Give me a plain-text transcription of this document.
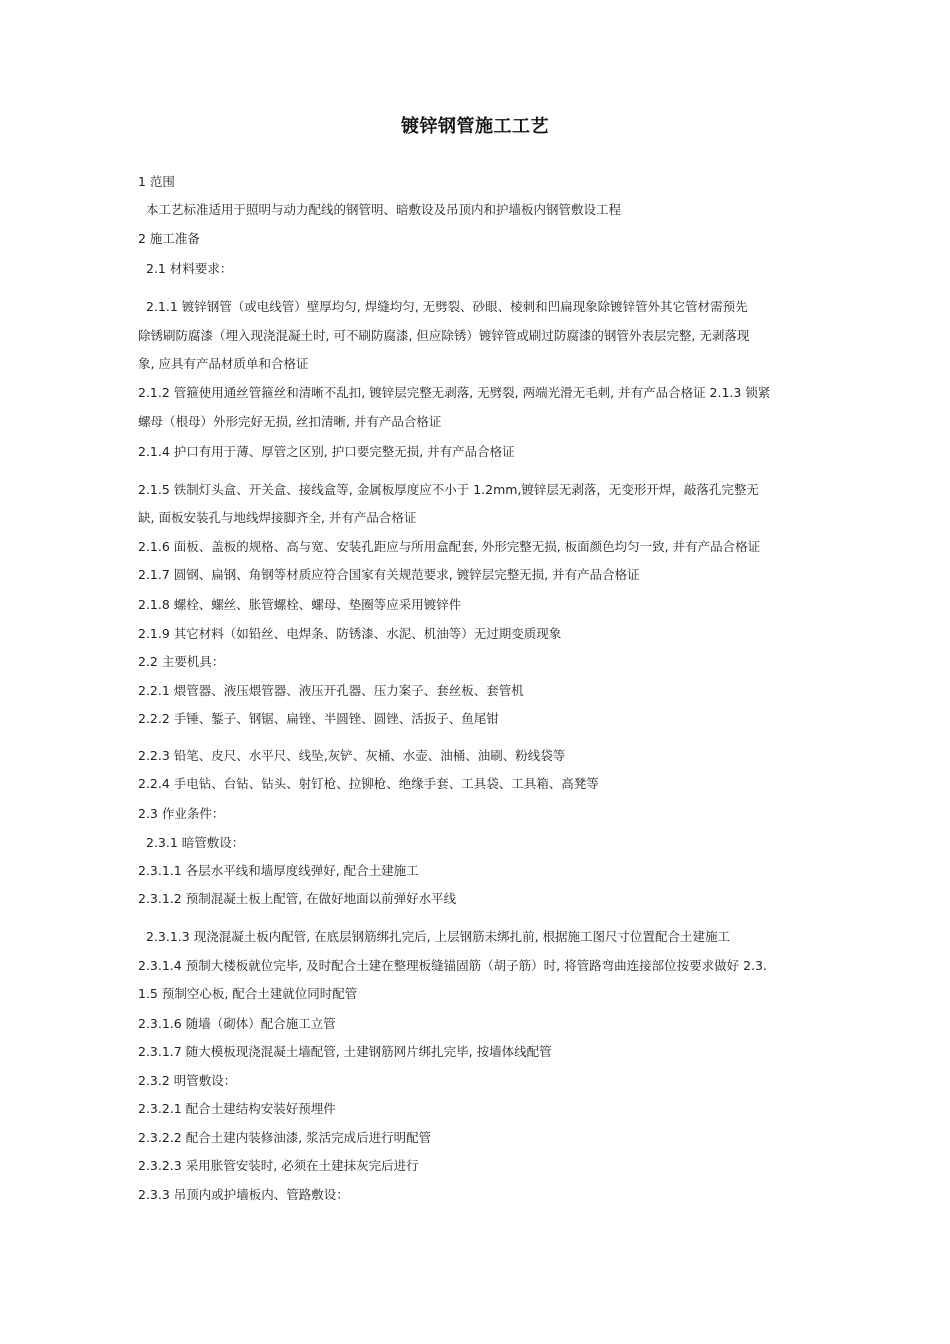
镀锌钢管施工工艺
1 范围
本工艺标准适用于照明与动力配线的钢管明、暗敷设及吊顶内和护墙板内钢管敷设工程
2 施工准备
2.1 材料要求：
2.1.1 镀锌钢管（或电线管）壁厚均匀, 焊缝均匀, 无劈裂、砂眼、棱刺和凹扁现象除镀锌管外其它管材需预先
除锈刷防腐漆（埋入现浇混凝土时, 可不刷防腐漆, 但应除锈）镀锌管或刷过防腐漆的钢管外表层完整, 无剥落现
象, 应具有产品材质单和合格证
2.1.2 管箍使用通丝管箍丝和清晰不乱扣, 镀锌层完整无剥落, 无劈裂, 两端光滑无毛刺, 并有产品合格证 2.1.3 锁紧
螺母（根母）外形完好无损, 丝扣清晰, 并有产品合格证
2.1.4 护口有用于薄、厚管之区别, 护口要完整无损, 并有产品合格证
2.1.5 铁制灯头盒、开关盒、接线盒等, 金属板厚度应不小于 1.2mm,镀锌层无剥落，无变形开焊，敲落孔完整无
缺, 面板安装孔与地线焊接脚齐全, 并有产品合格证
2.1.6 面板、盖板的规格、高与宽、安装孔距应与所用盒配套, 外形完整无损, 板面颜色均匀一致, 并有产品合格证
2.1.7 圆钢、扁钢、角钢等材质应符合国家有关规范要求, 镀锌层完整无损, 并有产品合格证
2.1.8 螺栓、螺丝、胀管螺栓、螺母、垫圈等应采用镀锌件
2.1.9 其它材料（如铅丝、电焊条、防锈漆、水泥、机油等）无过期变质现象
2.2 主要机具：
2.2.1 煨管器、液压煨管器、液压开孔器、压力案子、套丝板、套管机
2.2.2 手锤、錾子、钢锯、扁锉、半圆锉、圆锉、活扳子、鱼尾钳
2.2.3 铅笔、皮尺、水平尺、线坠,灰铲、灰桶、水壶、油桶、油刷、粉线袋等
2.2.4 手电钻、台钻、钻头、射钉枪、拉铆枪、绝缘手套、工具袋、工具箱、高凳等
2.3 作业条件：
2.3.1 暗管敷设：
2.3.1.1 各层水平线和墙厚度线弹好, 配合土建施工
2.3.1.2 预制混凝土板上配管, 在做好地面以前弹好水平线
2.3.1.3 现浇混凝土板内配管, 在底层钢筋绑扎完后, 上层钢筋未绑扎前, 根据施工图尺寸位置配合土建施工
2.3.1.4 预制大楼板就位完毕, 及时配合土建在整理板缝锚固筋（胡子筋）时, 将管路弯曲连接部位按要求做好 2.3.
1.5 预制空心板, 配合土建就位同时配管
2.3.1.6 随墙（砌体）配合施工立管
2.3.1.7 随大模板现浇混凝土墙配管, 土建钢筋网片绑扎完毕, 按墙体线配管
2.3.2 明管敷设：
2.3.2.1 配合土建结构安装好预埋件
2.3.2.2 配合土建内装修油漆, 浆活完成后进行明配管
2.3.2.3 采用胀管安装时, 必须在土建抹灰完后进行
2.3.3 吊顶内或护墙板内、管路敷设：
